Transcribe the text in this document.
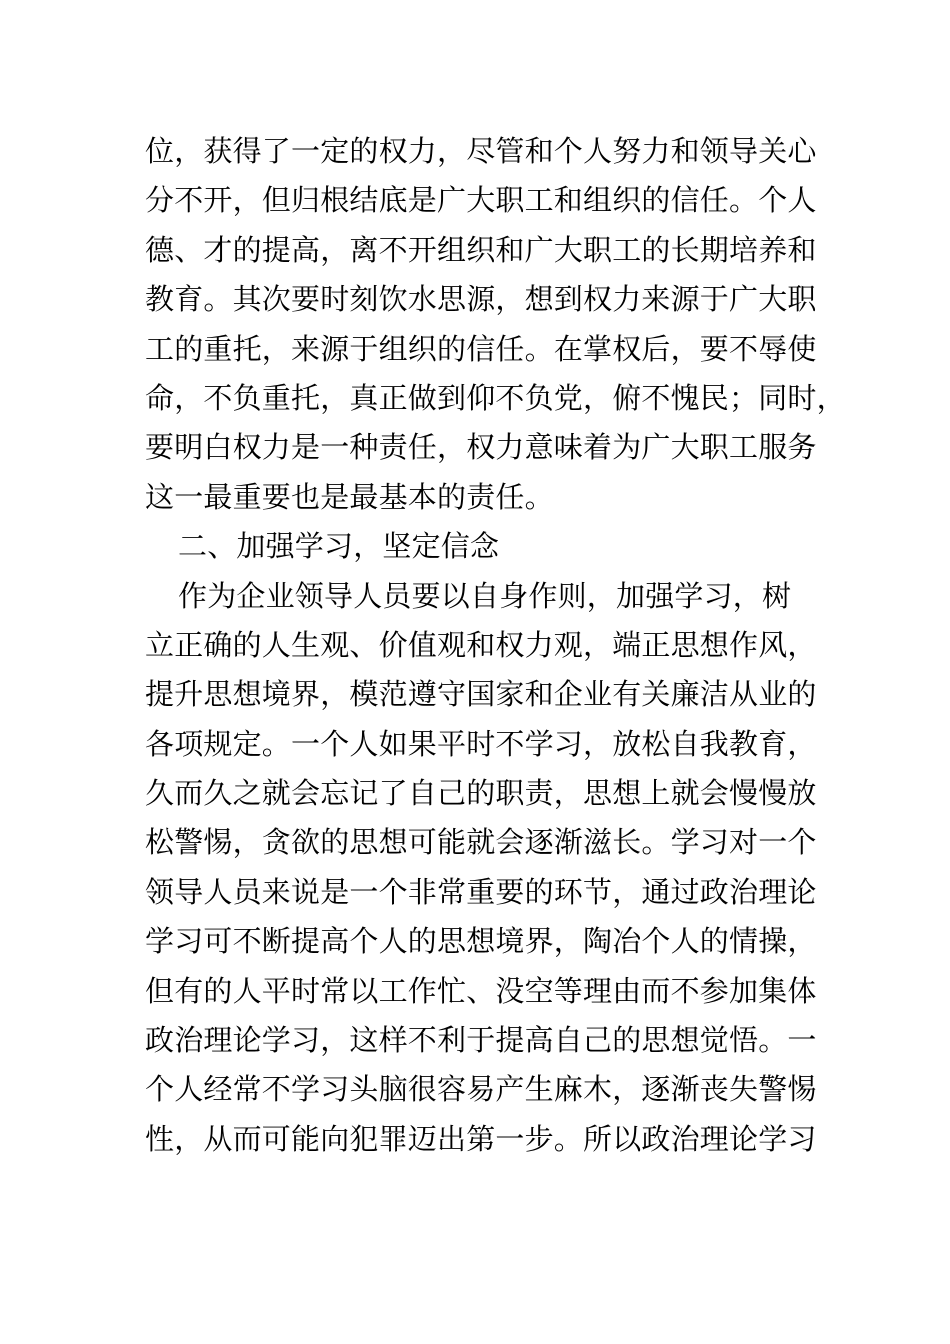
位，获得了一定的权力，尽管和个人努力和领导关心
分不开，但归根结底是广大职工和组织的信任。个人
德、才的提高，离不开组织和广大职工的长期培养和
教育。其次要时刻饮水思源，想到权力来源于广大职
工的重托，来源于组织的信任。在掌权后，要不辱使
命，不负重托，真正做到仰不负党，俯不愧民；同时，
要明白权力是一种责任，权力意味着为广大职工服务
这一最重要也是最基本的责任。
二、加强学习，坚定信念
作为企业领导人员要以自身作则，加强学习，树
立正确的人生观、价值观和权力观，端正思想作风，
提升思想境界，模范遵守国家和企业有关廉洁从业的
各项规定。一个人如果平时不学习，放松自我教育，
久而久之就会忘记了自己的职责，思想上就会慢慢放
松警惕，贪欲的思想可能就会逐渐滋长。学习对一个
领导人员来说是一个非常重要的环节，通过政治理论
学习可不断提高个人的思想境界，陶冶个人的情操，
但有的人平时常以工作忙、没空等理由而不参加集体
政治理论学习，这样不利于提高自己的思想觉悟。一
个人经常不学习头脑很容易产生麻木，逐渐丧失警惕
性，从而可能向犯罪迈出第一步。所以政治理论学习
